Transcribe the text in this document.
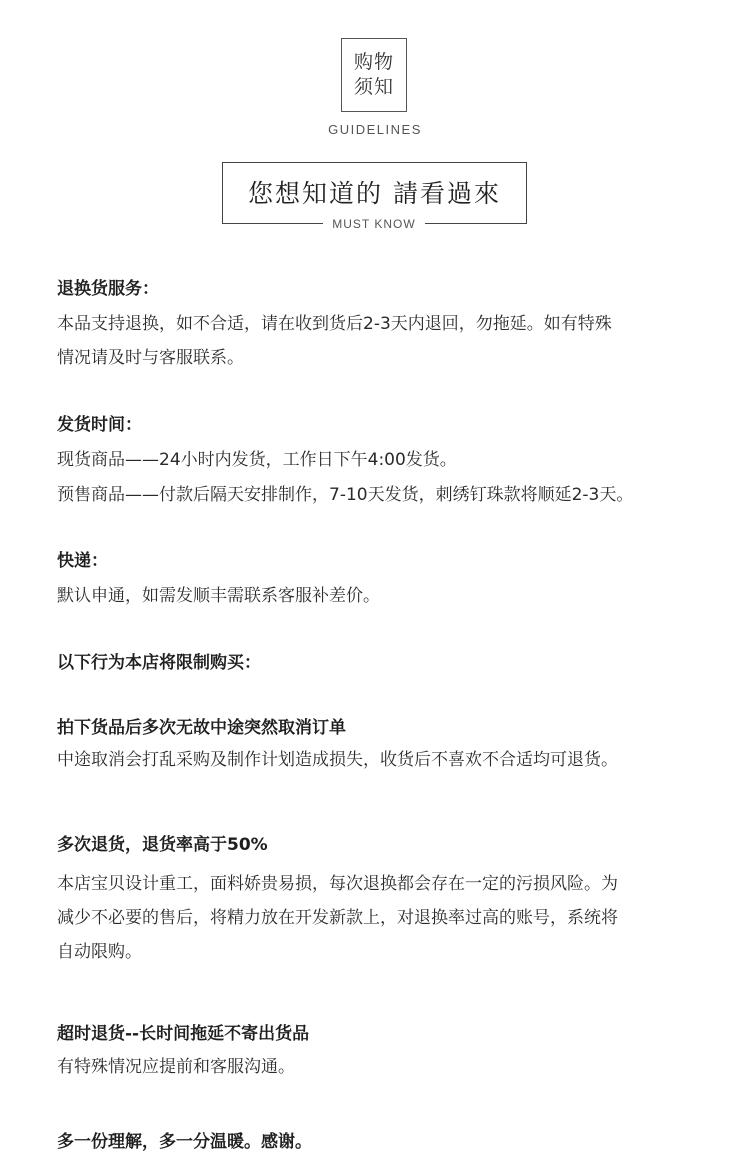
购物
须知
GUIDELINES
您想知道的 請看過來
MUST KNOW
退换货服务：
本品支持退换，如不合适，请在收到货后2-3天内退回，勿拖延。如有特殊
情况请及时与客服联系。
发货时间：
现货商品——24小时内发货，工作日下午4:00发货。
预售商品——付款后隔天安排制作，7-10天发货，刺绣钉珠款将顺延2-3天。
快递：
默认申通，如需发顺丰需联系客服补差价。
以下行为本店将限制购买：
拍下货品后多次无故中途突然取消订单
中途取消会打乱采购及制作计划造成损失，收货后不喜欢不合适均可退货。
多次退货，退货率高于50%
本店宝贝设计重工，面料娇贵易损，每次退换都会存在一定的污损风险。为
减少不必要的售后，将精力放在开发新款上，对退换率过高的账号，系统将
自动限购。
超时退货--长时间拖延不寄出货品
有特殊情况应提前和客服沟通。
多一份理解，多一分温暖。感谢。
